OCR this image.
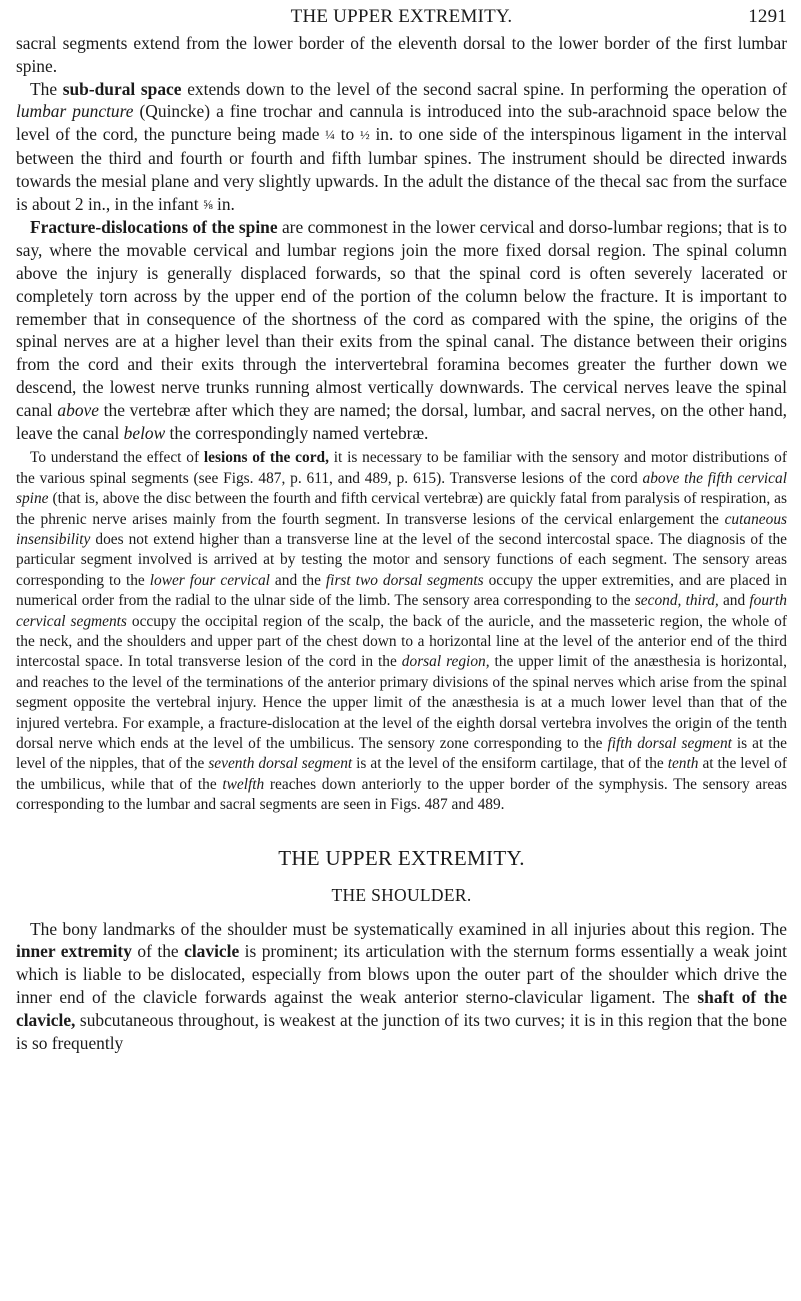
THE UPPER EXTREMITY.	1291

sacral segments extend from the lower border of the eleventh dorsal to the lower border of the first lumbar spine.

The sub-dural space extends down to the level of the second sacral spine. In performing the operation of lumbar puncture (Quincke) a fine trochar and cannula is introduced into the sub-arachnoid space below the level of the cord, the puncture being made ¼ to ½ in. to one side of the interspinous ligament in the interval between the third and fourth or fourth and fifth lumbar spines. The instrument should be directed inwards towards the mesial plane and very slightly upwards. In the adult the distance of the thecal sac from the surface is about 2 in., in the infant ⅝ in.

Fracture-dislocations of the spine are commonest in the lower cervical and dorso-lumbar regions; that is to say, where the movable cervical and lumbar regions join the more fixed dorsal region. The spinal column above the injury is generally displaced forwards, so that the spinal cord is often severely lacerated or completely torn across by the upper end of the portion of the column below the fracture. It is important to remember that in consequence of the shortness of the cord as compared with the spine, the origins of the spinal nerves are at a higher level than their exits from the spinal canal. The distance between their origins from the cord and their exits through the intervertebral foramina becomes greater the further down we descend, the lowest nerve trunks running almost vertically downwards. The cervical nerves leave the spinal canal above the vertebræ after which they are named; the dorsal, lumbar, and sacral nerves, on the other hand, leave the canal below the correspondingly named vertebræ.

To understand the effect of lesions of the cord, it is necessary to be familiar with the sensory and motor distributions of the various spinal segments (see Figs. 487, p. 611, and 489, p. 615). Transverse lesions of the cord above the fifth cervical spine (that is, above the disc between the fourth and fifth cervical vertebræ) are quickly fatal from paralysis of respiration, as the phrenic nerve arises mainly from the fourth segment. In transverse lesions of the cervical enlargement the cutaneous insensibility does not extend higher than a transverse line at the level of the second intercostal space. The diagnosis of the particular segment involved is arrived at by testing the motor and sensory functions of each segment. The sensory areas corresponding to the lower four cervical and the first two dorsal segments occupy the upper extremities, and are placed in numerical order from the radial to the ulnar side of the limb. The sensory area corresponding to the second, third, and fourth cervical segments occupy the occipital region of the scalp, the back of the auricle, and the masseteric region, the whole of the neck, and the shoulders and upper part of the chest down to a horizontal line at the level of the anterior end of the third intercostal space. In total transverse lesion of the cord in the dorsal region, the upper limit of the anæsthesia is horizontal, and reaches to the level of the terminations of the anterior primary divisions of the spinal nerves which arise from the spinal segment opposite the vertebral injury. Hence the upper limit of the anæsthesia is at a much lower level than that of the injured vertebra. For example, a fracture-dislocation at the level of the eighth dorsal vertebra involves the origin of the tenth dorsal nerve which ends at the level of the umbilicus. The sensory zone corresponding to the fifth dorsal segment is at the level of the nipples, that of the seventh dorsal segment is at the level of the ensiform cartilage, that of the tenth at the level of the umbilicus, while that of the twelfth reaches down anteriorly to the upper border of the symphysis. The sensory areas corresponding to the lumbar and sacral segments are seen in Figs. 487 and 489.

THE UPPER EXTREMITY.
THE SHOULDER.

The bony landmarks of the shoulder must be systematically examined in all injuries about this region. The inner extremity of the clavicle is prominent; its articulation with the sternum forms essentially a weak joint which is liable to be dislocated, especially from blows upon the outer part of the shoulder which drive the inner end of the clavicle forwards against the weak anterior sterno-clavicular ligament. The shaft of the clavicle, subcutaneous throughout, is weakest at the junction of its two curves; it is in this region that the bone is so frequently
